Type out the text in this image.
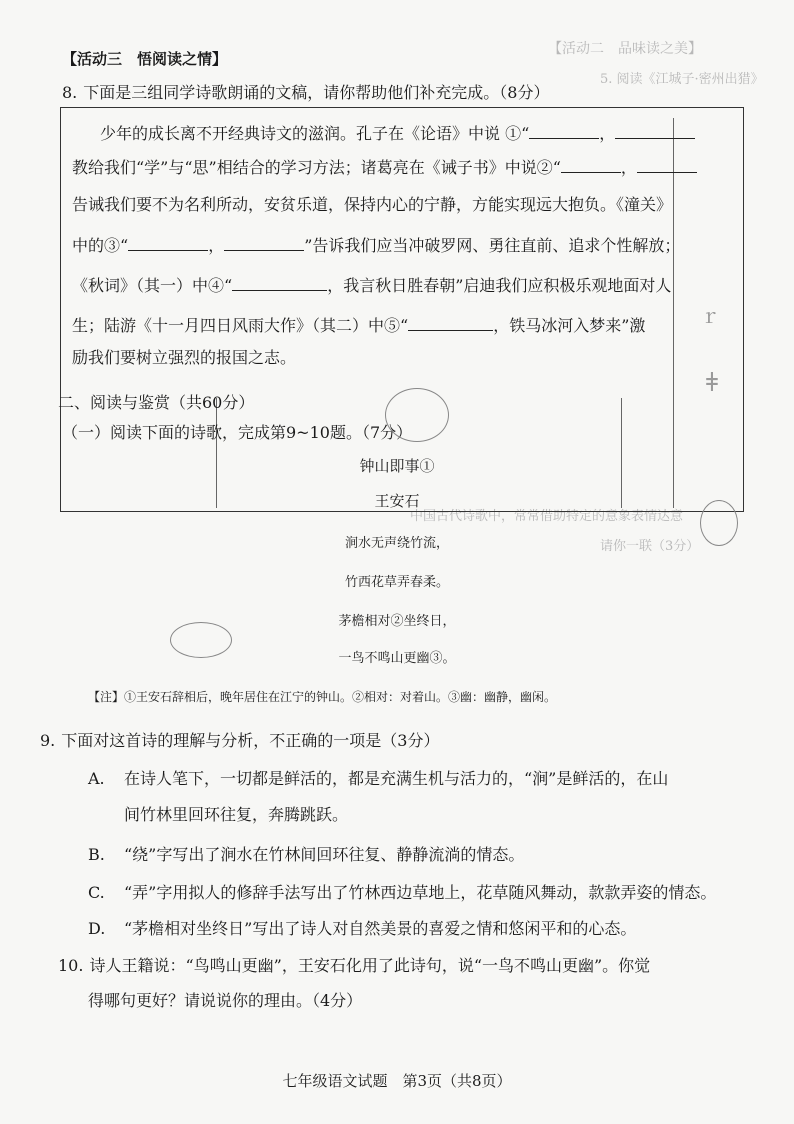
【活动二　品味读之美】
5. 阅读《江城子·密州出猎》
中国古代诗歌中，常常借助特定的意象表情达意
请你一联（3分）
【活动三　悟阅读之情】
8. 下面是三组同学诗歌朗诵的文稿，请你帮助他们补充完成。（8分）
少年的成长离不开经典诗文的滋润。孔子在《论语》中说 ①“	，
教给我们“学”与“思”相结合的学习方法；诸葛亮在《诫子书》中说②“	，
告诫我们要不为名利所动，安贫乐道，保持内心的宁静，方能实现远大抱负。《潼关》
中的③“	，	”告诉我们应当冲破罗网、勇往直前、追求个性解放；
《秋词》（其一）中④“	，我言秋日胜春朝”启迪我们应积极乐观地面对人
生；陆游《十一月四日风雨大作》（其二）中⑤“	，铁马冰河入梦来”激
励我们要树立强烈的报国之志。
二、阅读与鉴赏（共60分）
（一）阅读下面的诗歌，完成第9~10题。（7分）
ｒ
ǂ
钟山即事①
王安石
涧水无声绕竹流，
竹西花草弄春柔。
茅檐相对②坐终日，
一鸟不鸣山更幽③。
【注】①王安石辞相后，晚年居住在江宁的钟山。②相对：对着山。③幽：幽静，幽闲。
9. 下面对这首诗的理解与分析，不正确的一项是（3分）
A. 在诗人笔下，一切都是鲜活的，都是充满生机与活力的，“涧”是鲜活的，在山
间竹林里回环往复，奔腾跳跃。
B. “绕”字写出了涧水在竹林间回环往复、静静流淌的情态。
C. “弄”字用拟人的修辞手法写出了竹林西边草地上，花草随风舞动，款款弄姿的情态。
D. “茅檐相对坐终日”写出了诗人对自然美景的喜爱之情和悠闲平和的心态。
10. 诗人王籍说：“鸟鸣山更幽”，王安石化用了此诗句，说“一鸟不鸣山更幽”。你觉
得哪句更好？请说说你的理由。（4分）
七年级语文试题　第3页（共8页）
